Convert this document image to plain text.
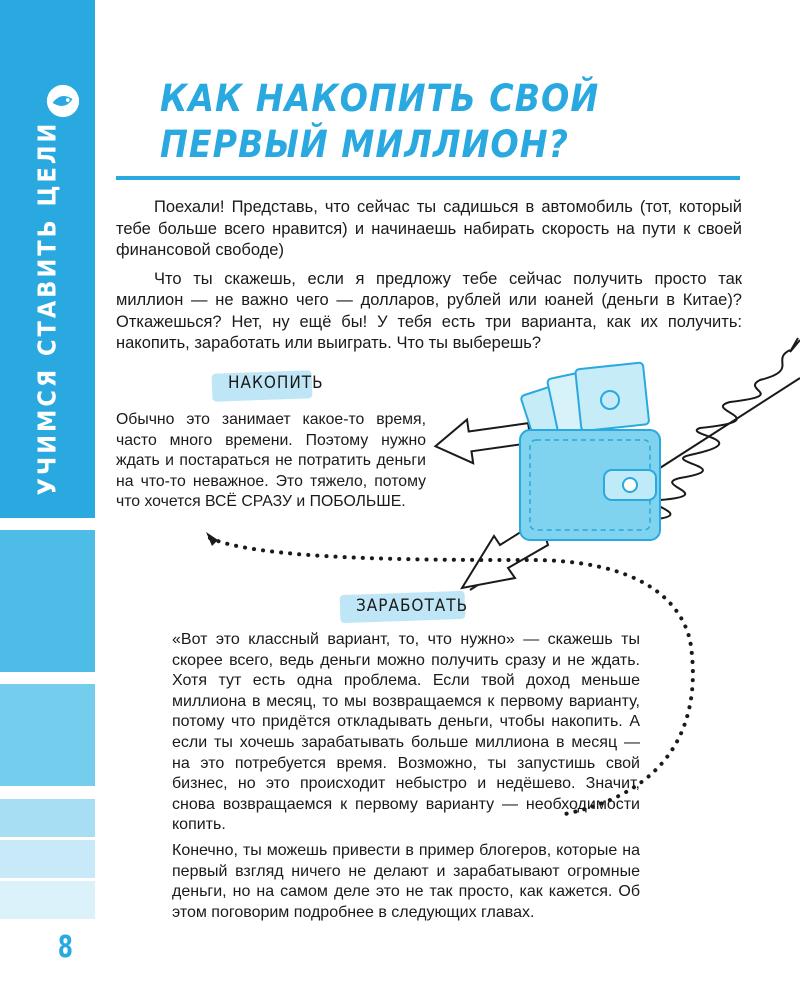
УЧИМСЯ СТАВИТЬ ЦЕЛИ
8
КАК НАКОПИТЬ СВОЙ ПЕРВЫЙ МИЛЛИОН?

Поехали! Представь, что сейчас ты садишься в автомобиль (тот, который тебе больше всего нравится) и начинаешь набирать скорость на пути к своей финансовой свободе)

Что ты скажешь, если я предложу тебе сейчас получить просто так миллион — не важно чего — долларов, рублей или юаней (деньги в Китае)? Откажешься? Нет, ну ещё бы! У тебя есть три варианта, как их получить: накопить, заработать или выиграть. Что ты выберешь?

НАКОПИТЬ

Обычно это занимает какое-то время, часто много времени. Поэтому нужно ждать и постараться не потратить деньги на что-то неважное. Это тяжело, потому что хочется ВСЁ СРАЗУ и ПОБОЛЬШЕ.

ЗАРАБОТАТЬ

«Вот это классный вариант, то, что нужно» — скажешь ты скорее всего, ведь деньги можно получить сразу и не ждать. Хотя тут есть одна проблема. Если твой доход меньше миллиона в месяц, то мы возвращаемся к первому варианту, потому что придётся откладывать деньги, чтобы накопить. А если ты хочешь зарабатывать больше миллиона в месяц — на это потребуется время. Возможно, ты запустишь свой бизнес, но это происходит небыстро и недёшево. Значит, снова возвращаемся к первому варианту — необходимости копить.

Конечно, ты можешь привести в пример блогеров, которые на первый взгляд ничего не делают и зарабатывают огромные деньги, но на самом деле это не так просто, как кажется. Об этом поговорим подробнее в следующих главах.
